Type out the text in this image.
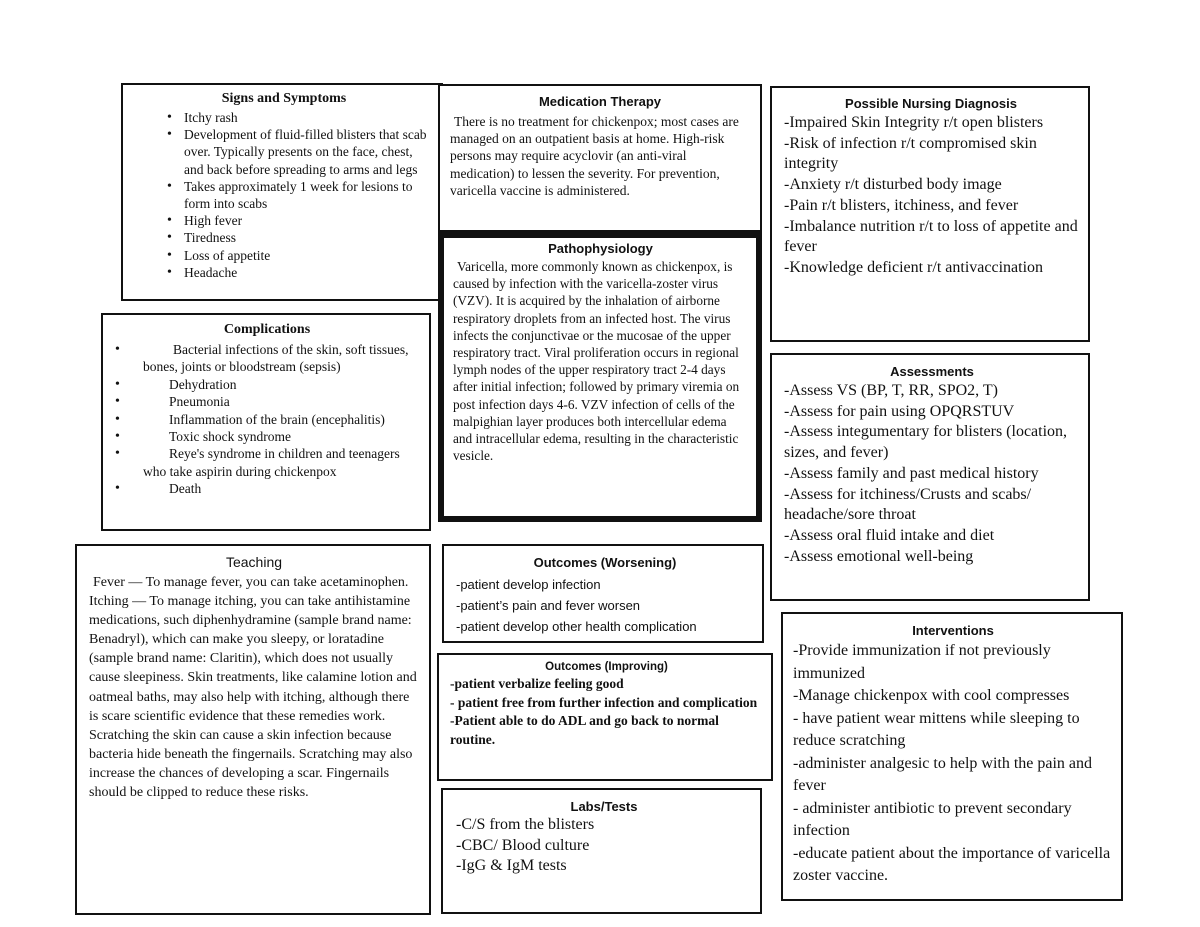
Signs and Symptoms
• Itchy rash
• Development of fluid-filled blisters that scab over. Typically presents on the face, chest, and back before spreading to arms and legs
• Takes approximately 1 week for lesions to form into scabs
• High fever
• Tiredness
• Loss of appetite
• Headache
Medication Therapy

There is no treatment for chickenpox; most cases are managed on an outpatient basis at home. High-risk persons may require acyclovir (an anti-viral medication) to lessen the severity. For prevention, varicella vaccine is administered.

Possible Nursing Diagnosis
-Impaired Skin Integrity r/t open blisters
-Risk of infection r/t compromised skin integrity
-Anxiety r/t disturbed body image
-Pain r/t blisters, itchiness, and fever
-Imbalance nutrition r/t to loss of appetite and fever
-Knowledge deficient r/t antivaccination
Pathophysiology

Varicella, more commonly known as chickenpox, is caused by infection with the varicella-zoster virus (VZV). It is acquired by the inhalation of airborne respiratory droplets from an infected host. The virus infects the conjunctivae or the mucosae of the upper respiratory tract. Viral proliferation occurs in regional lymph nodes of the upper respiratory tract 2-4 days after initial infection; followed by primary viremia on post infection days 4-6. VZV infection of cells of the malpighian layer produces both intercellular edema and intracellular edema, resulting in the characteristic vesicle.

Complications
• Bacterial infections of the skin, soft tissues, bones, joints or bloodstream (sepsis)
• Dehydration
• Pneumonia
• Inflammation of the brain (encephalitis)
• Toxic shock syndrome
• Reye's syndrome in children and teenagers who take aspirin during chickenpox
• Death
Assessments
-Assess VS (BP, T, RR, SPO2, T)
-Assess for pain using OPQRSTUV
-Assess integumentary for blisters (location, sizes, and fever)
-Assess family and past medical history
-Assess for itchiness/Crusts and scabs/ headache/sore throat
-Assess oral fluid intake and diet
-Assess emotional well-being
Teaching

Fever — To manage fever, you can take acetaminophen.

Itching — To manage itching, you can take antihistamine medications, such diphenhydramine (sample brand name: Benadryl), which can make you sleepy, or loratadine (sample brand name: Claritin), which does not usually cause sleepiness. Skin treatments, like calamine lotion and oatmeal baths, may also help with itching, although there is scare scientific evidence that these remedies work.

Scratching the skin can cause a skin infection because bacteria hide beneath the fingernails. Scratching may also increase the chances of developing a scar. Fingernails should be clipped to reduce these risks.

Outcomes (Worsening)
-patient develop infection
-patient’s pain and fever worsen
-patient develop other health complication	Interventions
-Provide immunization if not previously immunized
-Manage chickenpox with cool compresses
- have patient wear mittens while sleeping to reduce scratching
-administer analgesic to help with the pain and fever
- administer antibiotic to prevent secondary infection
-educate patient about the importance of varicella zoster vaccine.
Outcomes (Improving)
-patient verbalize feeling good
- patient free from further infection and complication
-Patient able to do ADL and go back to normal routine.
Labs/Tests
-C/S from the blisters
-CBC/ Blood culture
-IgG & IgM tests
